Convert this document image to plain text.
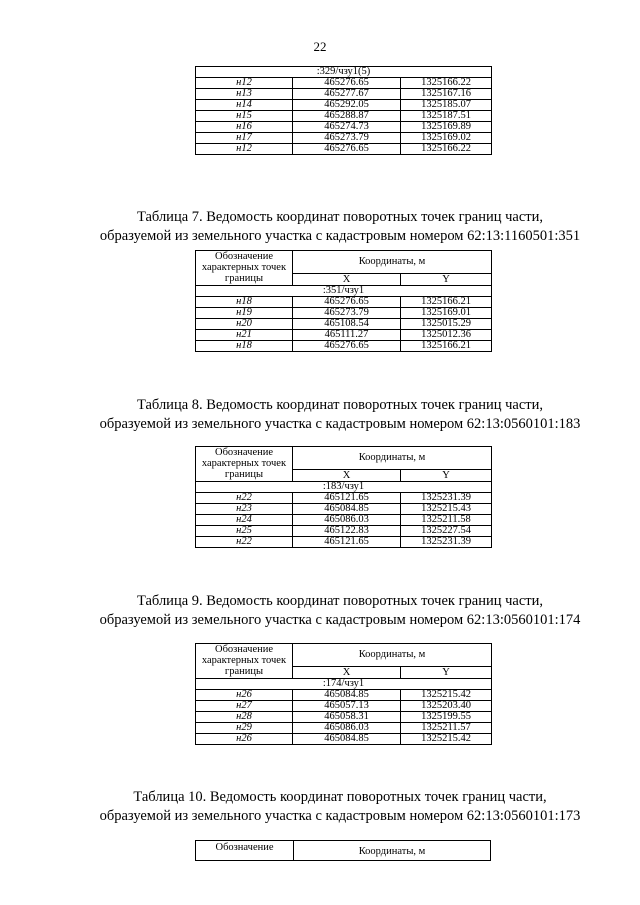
22
:329/чзу1(5)		
н12	465276.65	1325166.22
н13	465277.67	1325167.16
н14	465292.05	1325185.07
н15	465288.87	1325187.51
н16	465274.73	1325169.89
н17	465273.79	1325169.02
н12	465276.65	1325166.22
Таблица 7. Ведомость координат поворотных точек границ части,
образуемой из земельного участка с кадастровым номером 62:13:1160501:351
Обозначение характерных точек границы	Координаты, м	
	X	Y
:351/чзу1		
н18	465276.65	1325166.21
н19	465273.79	1325169.01
н20	465108.54	1325015.29
н21	465111.27	1325012.36
н18	465276.65	1325166.21
Таблица 8. Ведомость координат поворотных точек границ части,
образуемой из земельного участка с кадастровым номером 62:13:0560101:183
Обозначение характерных точек границы	Координаты, м	
	X	Y
:183/чзу1		
н22	465121.65	1325231.39
н23	465084.85	1325215.43
н24	465086.03	1325211.58
н25	465122.83	1325227.54
н22	465121.65	1325231.39
Таблица 9. Ведомость координат поворотных точек границ части,
образуемой из земельного участка с кадастровым номером 62:13:0560101:174
Обозначение характерных точек границы	Координаты, м	
	X	Y
:174/чзу1		
н26	465084.85	1325215.42
н27	465057.13	1325203.40
н28	465058.31	1325199.55
н29	465086.03	1325211.57
н26	465084.85	1325215.42
Таблица 10. Ведомость координат поворотных точек границ части,
образуемой из земельного участка с кадастровым номером 62:13:0560101:173
Обозначение	Координаты, м
